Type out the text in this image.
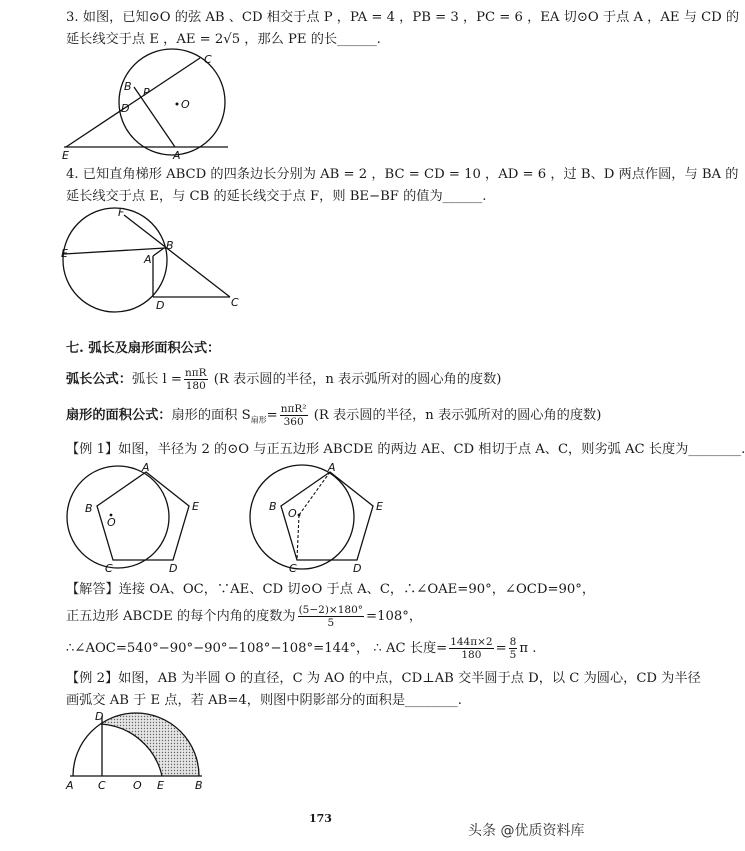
3. 如图，已知⊙O 的弦 AB 、CD 相交于点 P ，PA = 4 ，PB = 3 ，PC = 6 ，EA 切⊙O 于点 A ，AE 与 CD 的
延长线交于点 E ，AE = 2√5 ，那么 PE 的长______.
C
B P
D	O
E	A
4. 已知直角梯形 ABCD 的四条边长分别为 AB = 2 ，BC = CD = 10 ，AD = 6 ，过 B、D 两点作圆，与 BA 的
延长线交于点 E，与 CB 的延长线交于点 F，则 BE−BF 的值为______.
F
E
B
A
D	C
七. 弧长及扇形面积公式：
弧长公式：弧长 $l = \frac{\text{nπR}}{180} (R$ 表示圆的半径，n 表示弧所对的圆心角的度数)
扇形的面积公式：扇形的面积 $S_{扇形}= \frac{\text{nπR²}}{360} (R$ 表示圆的半径，n 表示弧所对的圆心角的度数)
【例 1】如图，半径为 2 的⊙O 与正五边形 ABCDE 的两边 AE、CD 相切于点 A、C，则劣弧 AC 长度为________.
A
B
O
E
C	D
A
B
O
E
C	D
【解答】连接 OA、OC，∵AE、CD 切⊙O 于点 A、C，∴∠OAE=90°，∠OCD=90°，
正五边形 ABCDE 的每个内角的度数为 $\frac{(5-2)\times 180^\circ}{5} =108^\circ$，
∴∠AOC=540°−90°−90°−108°−108°=144°， ∴ AC 长度= $\frac{144\pi\times 2}{180} = \frac{8}{5}$ π .
【例 2】如图，AB 为半圆 O 的直径，C 为 AO 的中点，CD⊥AB 交半圆于点 D，以 C 为圆心，CD 为半径
画弧交 AB 于 E 点，若 AB=4，则图中阴影部分的面积是________.
D
A C O E	B
173
头条 @优质资料库
